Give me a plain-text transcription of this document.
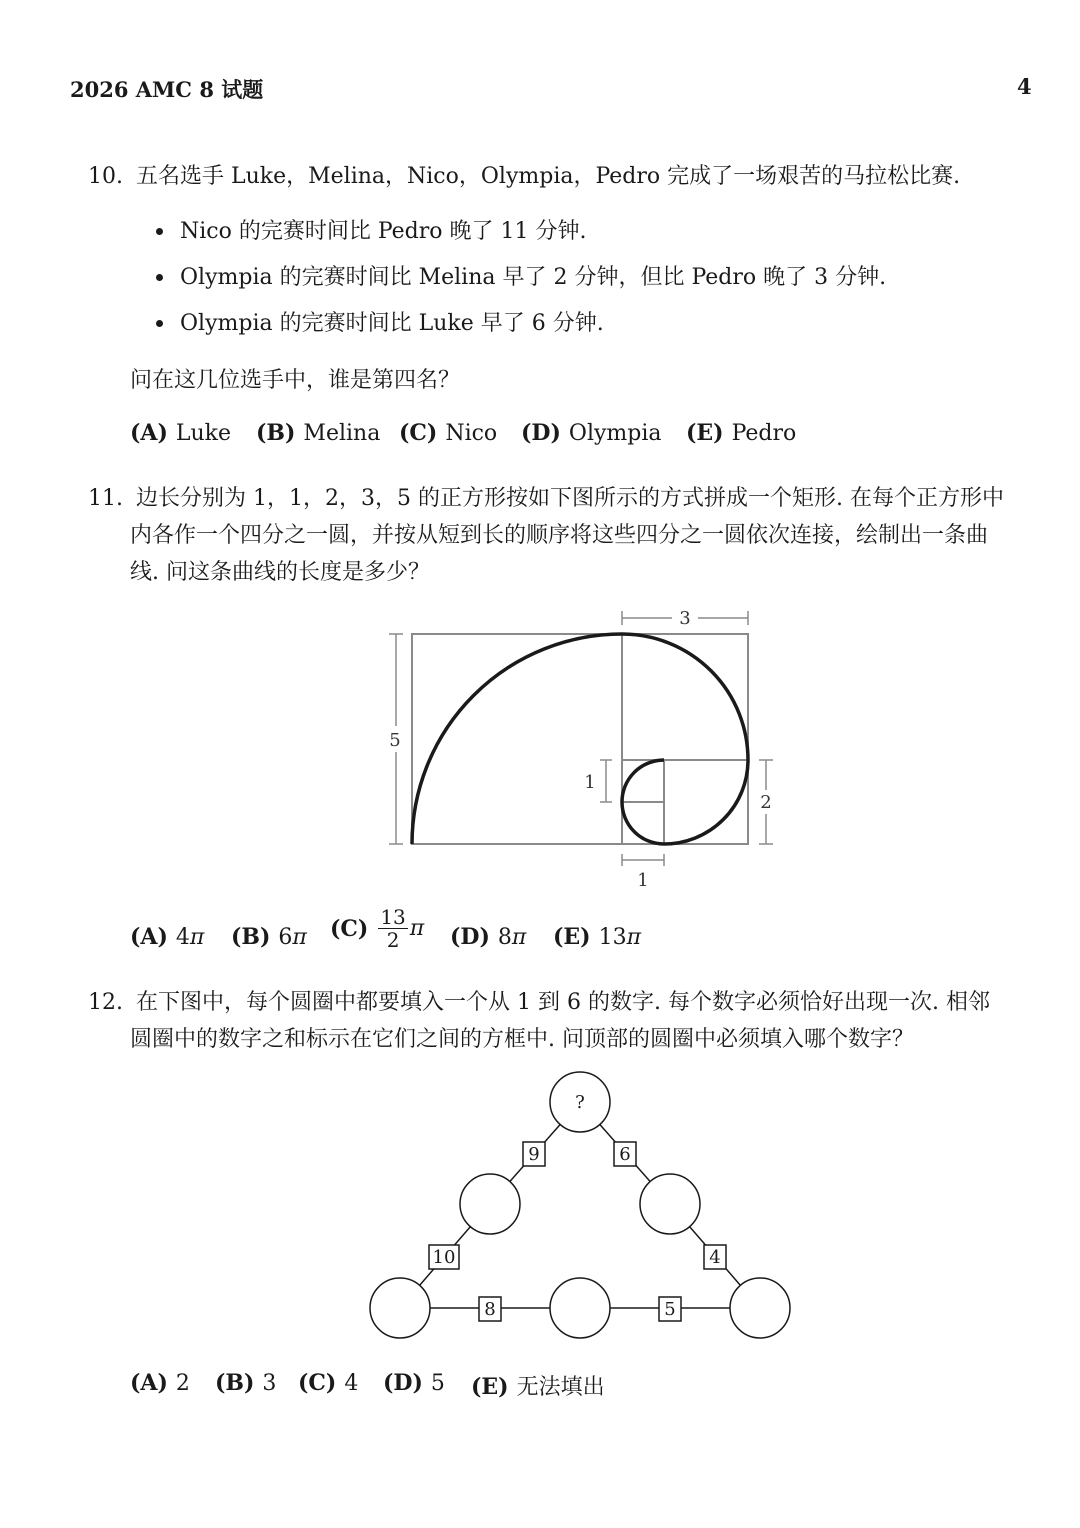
2026 AMC 8 试题	4
10. 五名选手 Luke，Melina，Nico，Olympia，Pedro 完成了一场艰苦的马拉松比赛.
Nico 的完赛时间比 Pedro 晚了 11 分钟.
Olympia 的完赛时间比 Melina 早了 2 分钟，但比 Pedro 晚了 3 分钟.
Olympia 的完赛时间比 Luke 早了 6 分钟.
问在这几位选手中，谁是第四名？
(A) Luke (B) Melina (C) Nico (D) Olympia (E) Pedro
11. 边长分别为 1，1，2，3，5 的正方形按如下图所示的方式拼成一个矩形. 在每个正方形中
内各作一个四分之一圆，并按从短到长的顺序将这些四分之一圆依次连接，绘制出一条曲
线. 问这条曲线的长度是多少？
3
5
1
2
1
(A) 4π (B) 6π $(C) \frac{13}{2}$ π (D) 8π (E) 13π
12. 在下图中，每个圆圈中都要填入一个从 1 到 6 的数字. 每个数字必须恰好出现一次. 相邻
圆圈中的数字之和标示在它们之间的方框中. 问顶部的圆圈中必须填入哪个数字？
?
9	6
10	4
8	5
(A) 2 (B) 3 (C) 4 (D) 5 (E) 无法填出
